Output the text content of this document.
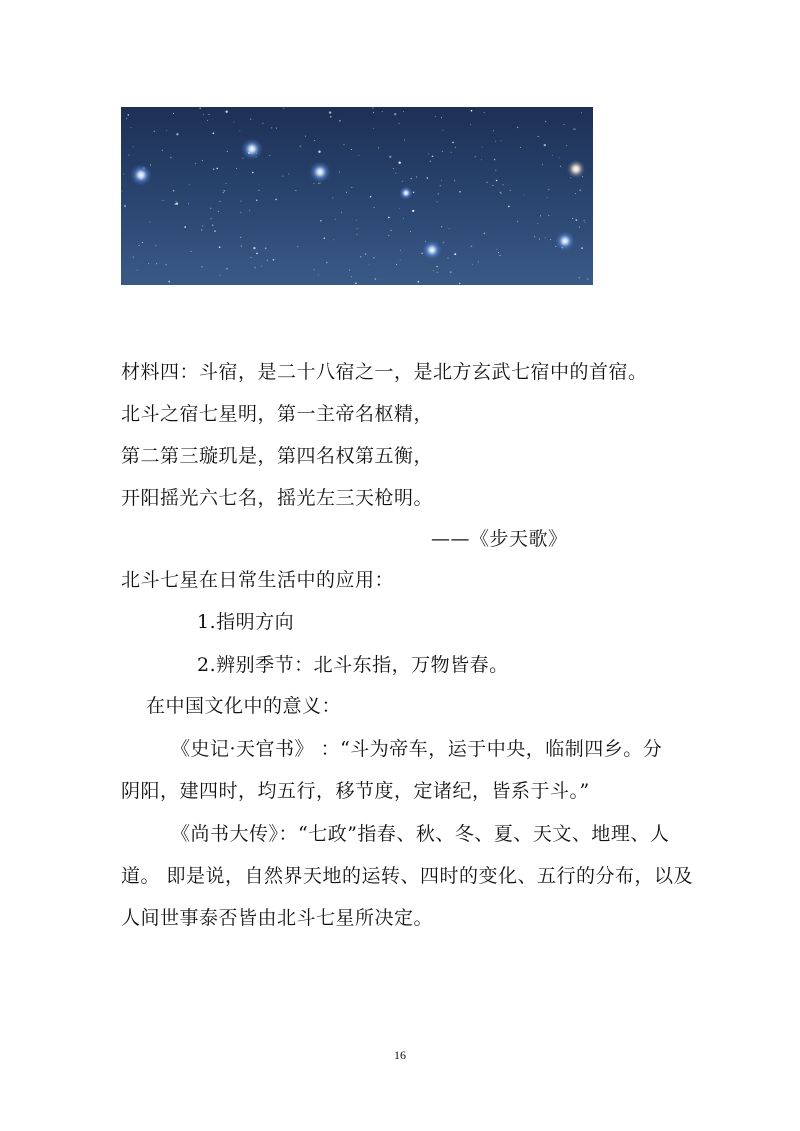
材料四：斗宿，是二十八宿之一，是北方玄武七宿中的首宿。
北斗之宿七星明，第一主帝名枢精，
第二第三璇玑是，第四名权第五衡，
开阳摇光六七名，摇光左三天枪明。
——《步天歌》
北斗七星在日常生活中的应用：
1.指明方向
2.辨别季节：北斗东指，万物皆春。
在中国文化中的意义：
《史记·天官书》 ：“斗为帝车，运于中央，临制四乡。分
阴阳，建四时，均五行，移节度，定诸纪，皆系于斗。”
《尚书大传》：“七政”指春、秋、冬、夏、天文、地理、人
道。 即是说，自然界天地的运转、四时的变化、五行的分布，以及
人间世事泰否皆由北斗七星所决定。
16
